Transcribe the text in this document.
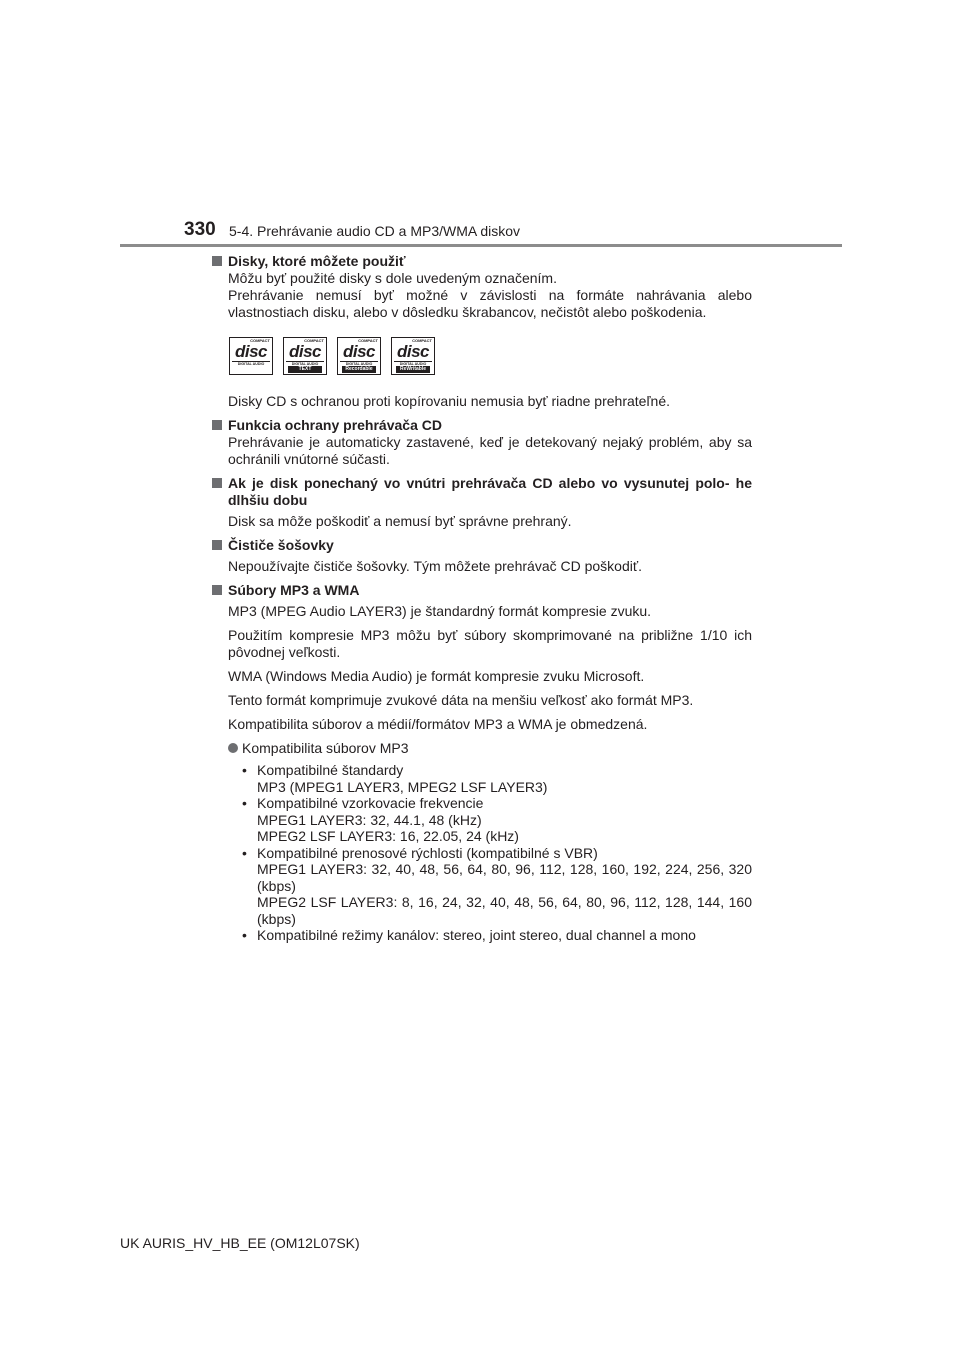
330 5-4. Prehrávanie audio CD a MP3/WMA diskov
Disky, ktoré môžete použiť
Môžu byť použité disky s dole uvedeným označením.
Prehrávanie nemusí byť možné v závislosti na formáte nahrávania alebo vlastnostiach disku, alebo v dôsledku škrabancov, nečistôt alebo poškodenia.
COMPACT
disc
DIGITAL AUDIO
COMPACT
disc
DIGITAL AUDIO
TEXT
COMPACT
disc
DIGITAL AUDIO
Recordable
COMPACT
disc
DIGITAL AUDIO
ReWritable
Disky CD s ochranou proti kopírovaniu nemusia byť riadne prehrateľné.
Funkcia ochrany prehrávača CD
Prehrávanie je automaticky zastavené, keď je detekovaný nejaký problém, aby sa ochránili vnútorné súčasti.
Ak je disk ponechaný vo vnútri prehrávača CD alebo vo vysunutej polo- he dlhšiu dobu
Disk sa môže poškodiť a nemusí byť správne prehraný.
Čističe šošovky
Nepoužívajte čističe šošovky. Tým môžete prehrávač CD poškodiť.
Súbory MP3 a WMA
MP3 (MPEG Audio LAYER3) je štandardný formát kompresie zvuku.
Použitím kompresie MP3 môžu byť súbory skomprimované na približne 1/10 ich pôvodnej veľkosti.
WMA (Windows Media Audio) je formát kompresie zvuku Microsoft.
Tento formát komprimuje zvukové dáta na menšiu veľkosť ako formát MP3.
Kompatibilita súborov a médií/formátov MP3 a WMA je obmedzená.
Kompatibilita súborov MP3
• Kompatibilné štandardy
MP3 (MPEG1 LAYER3, MPEG2 LSF LAYER3)
• Kompatibilné vzorkovacie frekvencie
MPEG1 LAYER3: 32, 44.1, 48 (kHz)
MPEG2 LSF LAYER3: 16, 22.05, 24 (kHz)
• Kompatibilné prenosové rýchlosti (kompatibilné s VBR)
MPEG1 LAYER3: 32, 40, 48, 56, 64, 80, 96, 112, 128, 160, 192, 224, 256, 320 (kbps)
MPEG2 LSF LAYER3: 8, 16, 24, 32, 40, 48, 56, 64, 80, 96, 112, 128, 144, 160 (kbps)
• Kompatibilné režimy kanálov: stereo, joint stereo, dual channel a mono
UK AURIS_HV_HB_EE (OM12L07SK)
